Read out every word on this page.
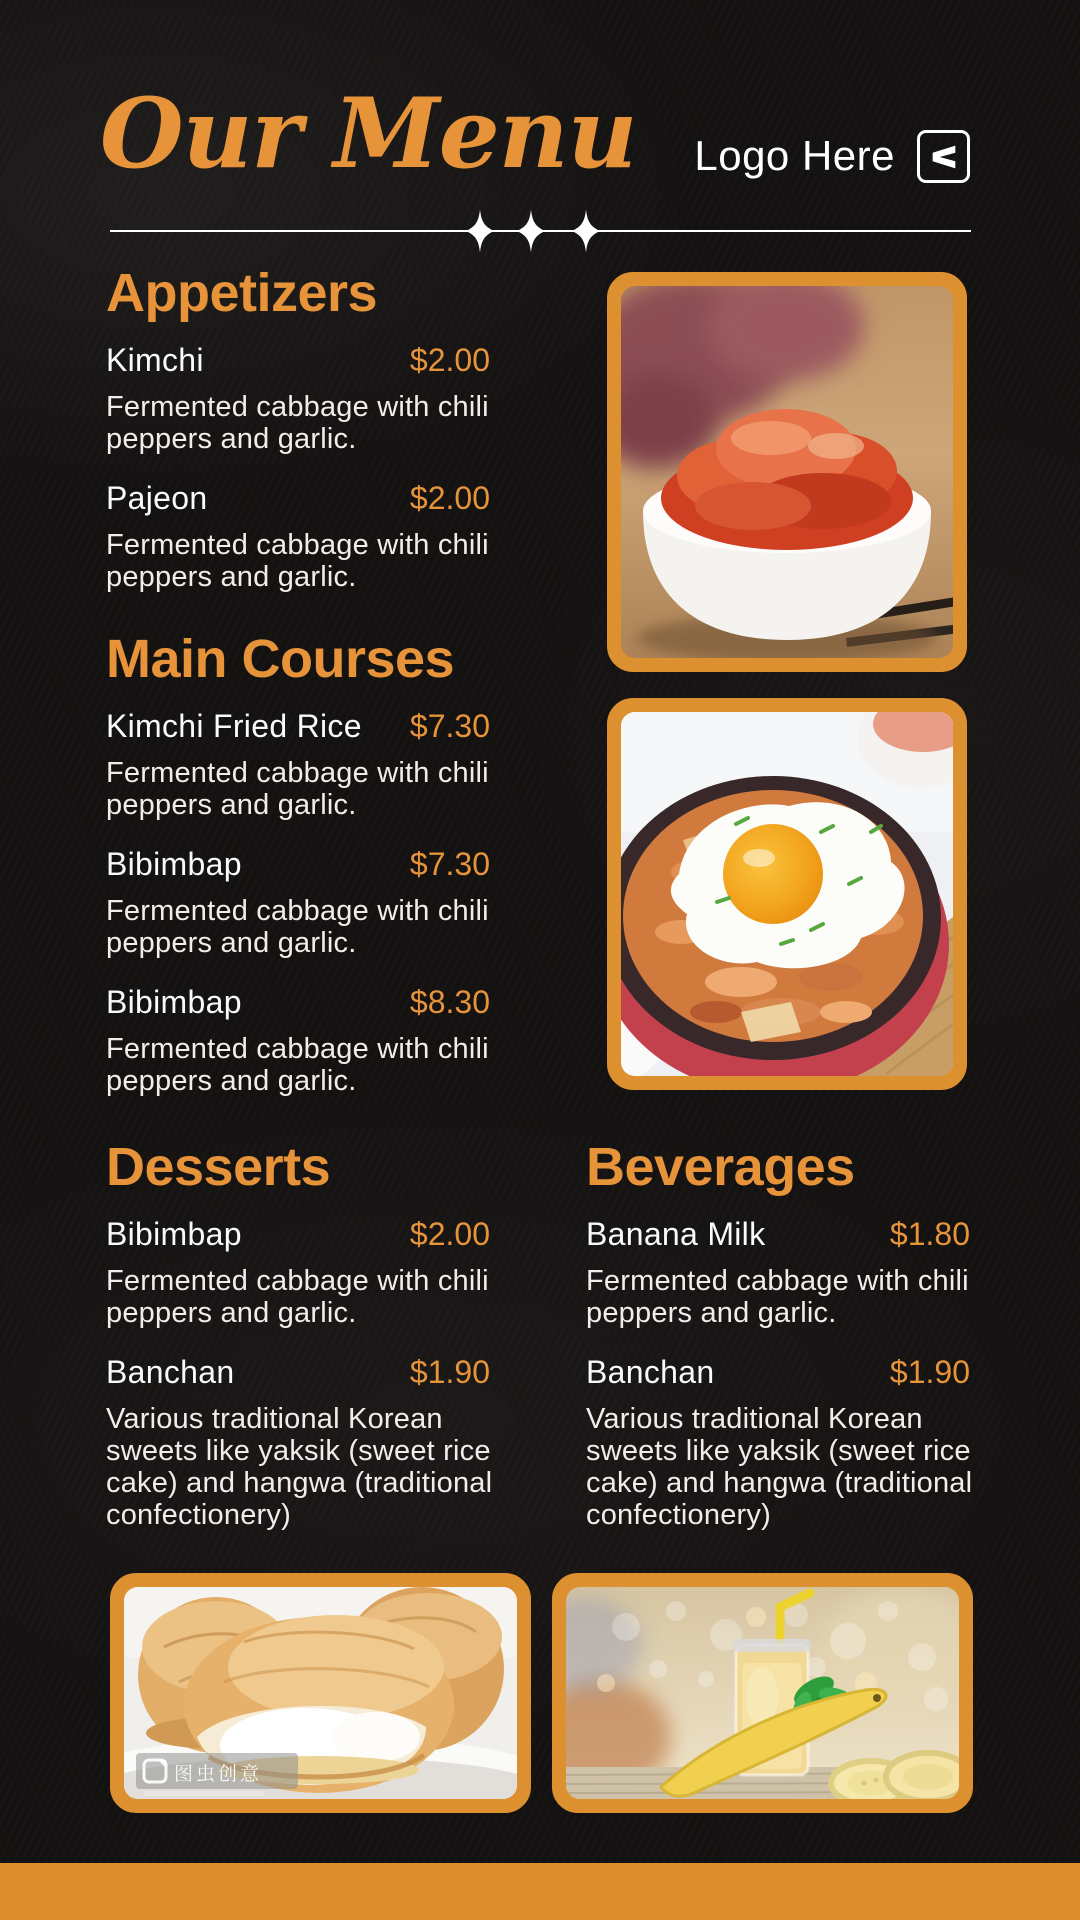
Our Menu	Logo Here
Appetizers
Kimchi	$2.00
Fermented cabbage with chili peppers and garlic.
Pajeon	$2.00
Fermented cabbage with chili peppers and garlic.
Main Courses
Kimchi Fried Rice $7.30
Fermented cabbage with chili peppers and garlic.
Bibimbap	$7.30
Fermented cabbage with chili peppers and garlic.
Bibimbap	$8.30
Fermented cabbage with chili peppers and garlic.
Desserts
Bibimbap	$2.00
Fermented cabbage with chili peppers and garlic.
Banchan	$1.90
Various traditional Korean sweets like yaksik (sweet rice cake) and hangwa (traditional confectionery)
Beverages
Banana Milk	$1.80
Fermented cabbage with chili peppers and garlic.
Banchan	$1.90
Various traditional Korean sweets like yaksik (sweet rice cake) and hangwa (traditional confectionery)
图虫创意
